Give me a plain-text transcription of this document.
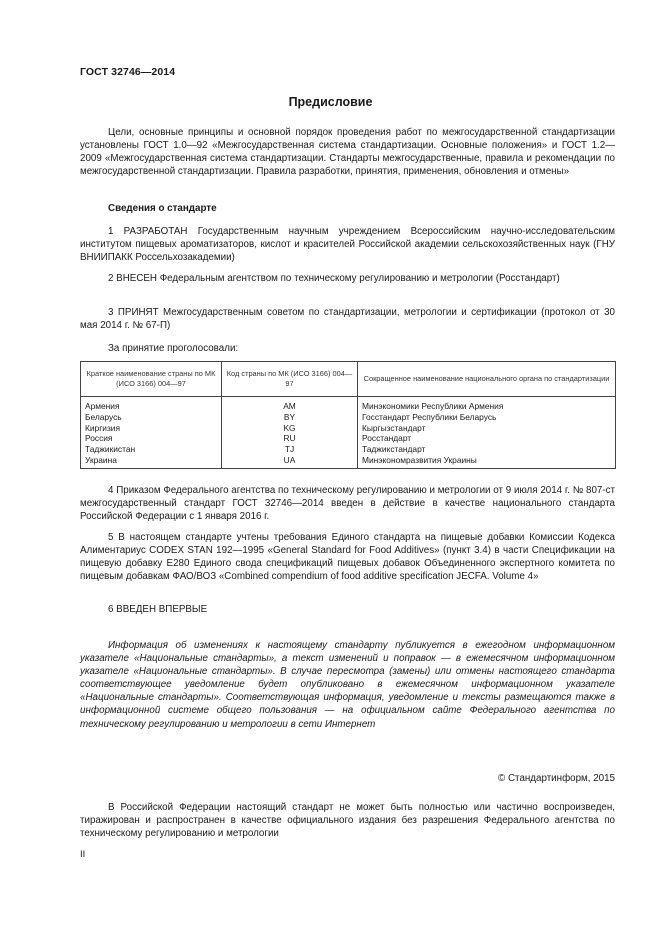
ГОСТ 32746—2014
Предисловие
Цели, основные принципы и основной порядок проведения работ по межгосударственной стандартизации установлены ГОСТ 1.0—92 «Межгосударственная система стандартизации. Основные положения» и ГОСТ 1.2—2009 «Межгосударственная система стандартизации. Стандарты межгосударственные, правила и рекомендации по межгосударственной стандартизации. Правила разработки, принятия, применения, обновления и отмены»
Сведения о стандарте
1 РАЗРАБОТАН Государственным научным учреждением Всероссийским научно-исследовательским институтом пищевых ароматизаторов, кислот и красителей Российской академии сельскохозяйственных наук (ГНУ ВНИИПАКК Россельхозакадемии)
2 ВНЕСЕН Федеральным агентством по техническому регулированию и метрологии (Росстандарт)
3 ПРИНЯТ Межгосударственным советом по стандартизации, метрологии и сертификации (протокол от 30 мая 2014 г. № 67-П)
За принятие проголосовали:
Краткое наименование страны по МК (ИСО 3166) 004—97	Код страны по МК (ИСО 3166) 004—97	Сокращенное наименование национального органа по стандартизации
Армения	AM	Минэкономики Республики Армения
Беларусь	BY	Госстандарт Республики Беларусь
Киргизия	KG	Кыргызстандарт
Россия	RU	Росстандарт
Таджикистан	TJ	Таджикстандарт
Украина	UA	Минэкономразвития Украины
4 Приказом Федерального агентства по техническому регулированию и метрологии от 9 июля 2014 г. № 807-ст межгосударственный стандарт ГОСТ 32746—2014 введен в действие в качестве национального стандарта Российской Федерации с 1 января 2016 г.
5 В настоящем стандарте учтены требования Единого стандарта на пищевые добавки Комиссии Кодекса Алиментариус CODEX STAN 192—1995 «General Standard for Food Additives» (пункт 3.4) в части Спецификации на пищевую добавку Е280 Единого свода спецификаций пищевых добавок Объединенного экспертного комитета по пищевым добавкам ФАО/ВОЗ «Combined compendium of food additive specification JECFA. Volume 4»
6 ВВЕДЕН ВПЕРВЫЕ
Информация об изменениях к настоящему стандарту публикуется в ежегодном информационном указателе «Национальные стандарты», а текст изменений и поправок — в ежемесячном информационном указателе «Национальные стандарты». В случае пересмотра (замены) или отмены настоящего стандарта соответствующее уведомление будет опубликовано в ежемесячном информационном указателе «Национальные стандарты». Соответствующая информация, уведомление и тексты размещаются также в информационной системе общего пользования — на официальном сайте Федерального агентства по техническому регулированию и метрологии в сети Интернет
© Стандартинформ, 2015
В Российской Федерации настоящий стандарт не может быть полностью или частично воспроизведен, тиражирован и распространен в качестве официального издания без разрешения Федерального агентства по техническому регулированию и метрологии
II
